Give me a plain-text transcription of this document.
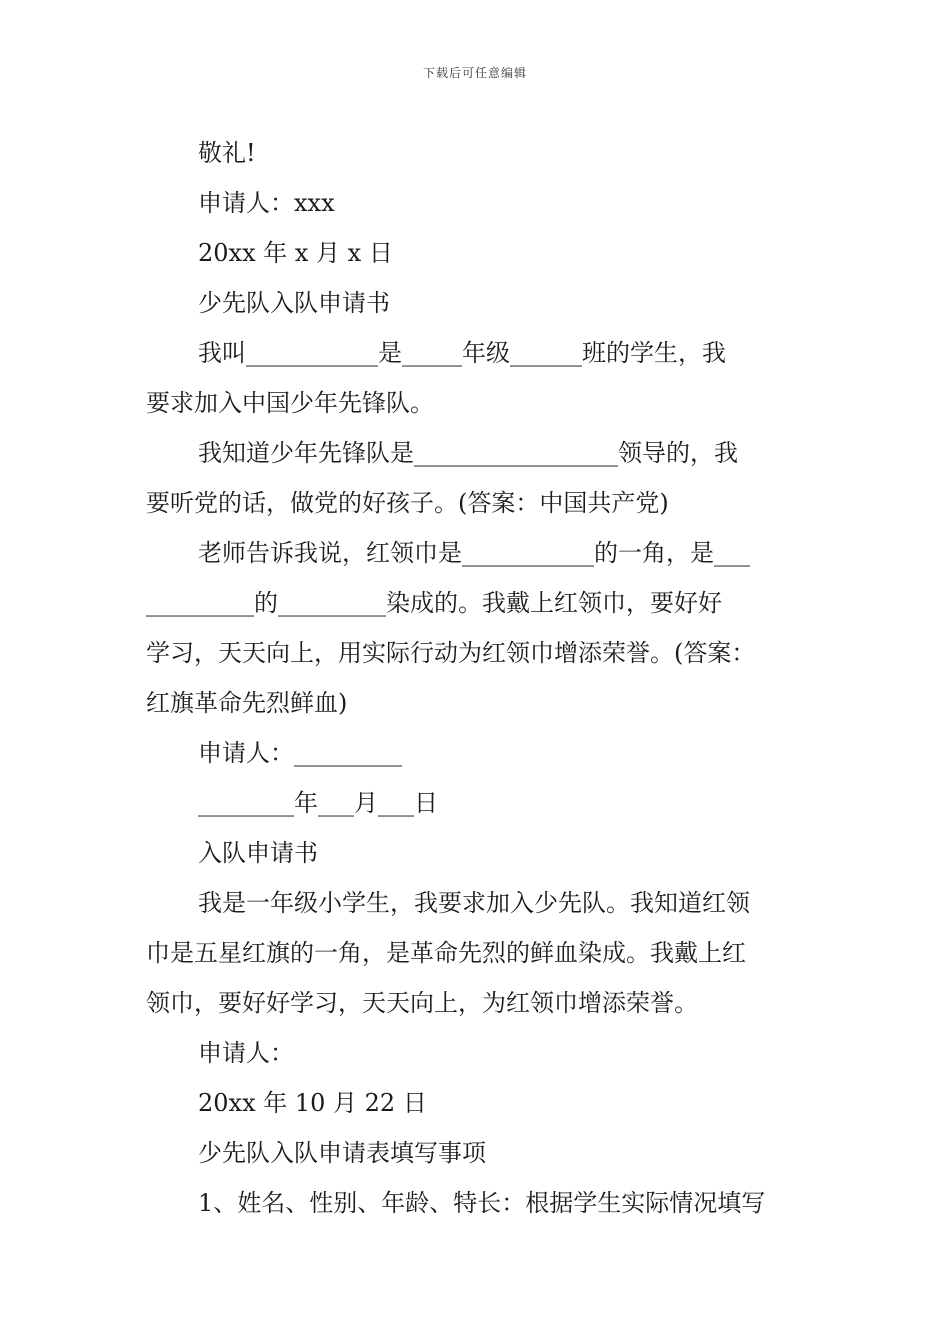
下载后可任意编辑

敬礼!

申请人：xxx

20xx 年 x 月 x 日

少先队入队申请书

我叫___________是_____年级______班的学生，我

要求加入中国少年先锋队。

我知道少年先锋队是_________________领导的，我

要听党的话，做党的好孩子。(答案：中国共产党)

老师告诉我说，红领巾是___________的一角，是___

_________的_________染成的。我戴上红领巾，要好好

学习，天天向上，用实际行动为红领巾增添荣誉。(答案：

红旗革命先烈鲜血)

申请人：_________

________年___月___日

入队申请书

我是一年级小学生，我要求加入少先队。我知道红领

巾是五星红旗的一角，是革命先烈的鲜血染成。我戴上红

领巾，要好好学习，天天向上，为红领巾增添荣誉。

申请人：

20xx 年 10 月 22 日

少先队入队申请表填写事项

1、姓名、性别、年龄、特长：根据学生实际情况填写
